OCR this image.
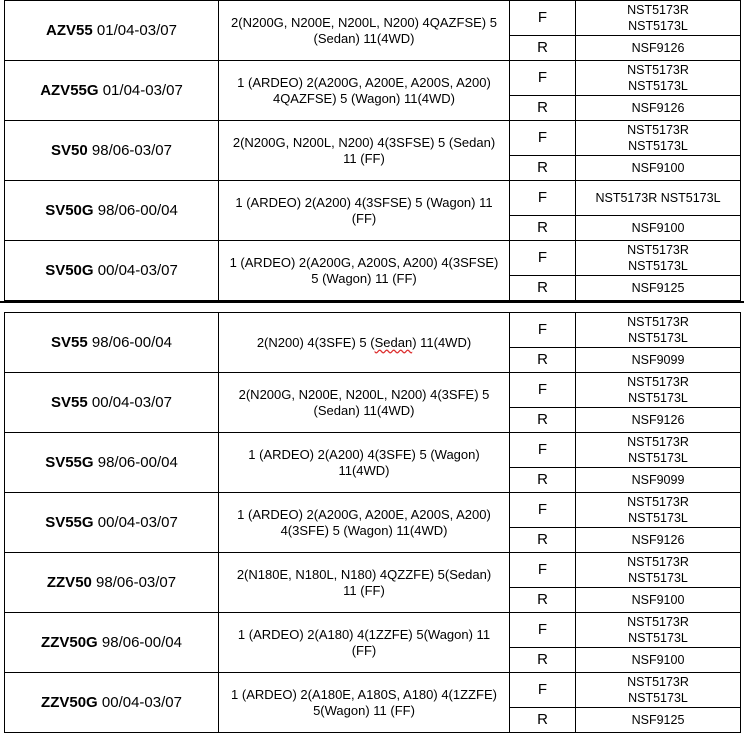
AZV55 01/04-03/07	2(N200G, N200E, N200L, N200) 4QAZFSE) 5 (Sedan) 11(4WD)	F	NST5173R
NST5173L

		R	NSF9126
AZV55G 01/04-03/07	1 (ARDEO) 2(A200G, A200E, A200S, A200) 4QAZFSE) 5 (Wagon) 11(4WD)	F	NST5173R
NST5173L

		R	NSF9126
SV50 98/06-03/07	2(N200G, N200L, N200) 4(3SFSE) 5 (Sedan) 11 (FF)	F	NST5173R
NST5173L

		R	NSF9100
SV50G 98/06-00/04	1 (ARDEO) 2(A200) 4(3SFSE) 5 (Wagon) 11 (FF)	F	NST5173R NST5173L

		R	NSF9100
SV50G 00/04-03/07	1 (ARDEO) 2(A200G, A200S, A200) 4(3SFSE) 5 (Wagon) 11 (FF)	F	NST5173R
NST5173L

		R	NSF9125
SV55 98/06-00/04	2(N200) 4(3SFE) 5 (Sedan) 11(4WD)	F	NST5173R
NST5173L

		R	NSF9099
SV55 00/04-03/07	2(N200G, N200E, N200L, N200) 4(3SFE) 5 (Sedan) 11(4WD)	F	NST5173R
NST5173L

		R	NSF9126
SV55G 98/06-00/04	1 (ARDEO) 2(A200) 4(3SFE) 5 (Wagon) 11(4WD)	F	NST5173R
NST5173L

		R	NSF9099
SV55G 00/04-03/07	1 (ARDEO) 2(A200G, A200E, A200S, A200) 4(3SFE) 5 (Wagon) 11(4WD)	F	NST5173R
NST5173L

		R	NSF9126
ZZV50 98/06-03/07	2(N180E, N180L, N180) 4QZZFE) 5(Sedan) 11 (FF)	F	NST5173R
NST5173L

		R	NSF9100
ZZV50G 98/06-00/04	1 (ARDEO) 2(A180) 4(1ZZFE) 5(Wagon) 11 (FF)	F	NST5173R
NST5173L

		R	NSF9100
ZZV50G 00/04-03/07	1 (ARDEO) 2(A180E, A180S, A180) 4(1ZZFE) 5(Wagon) 11 (FF)	F	NST5173R
NST5173L

		R	NSF9125
